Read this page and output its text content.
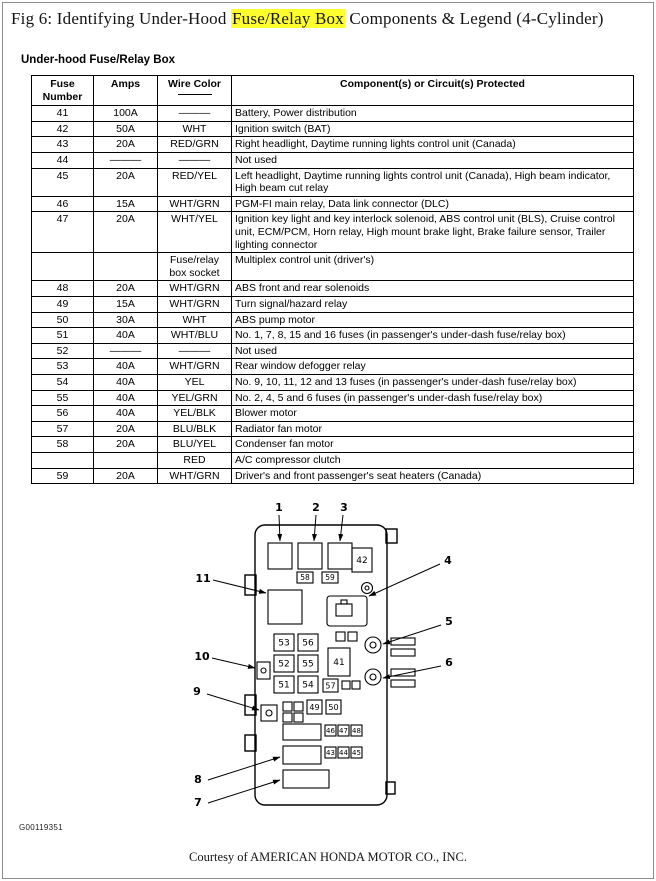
Fig 6: Identifying Under-Hood Fuse/Relay Box Components & Legend (4-Cylinder)
Under-hood Fuse/Relay Box
Fuse Number	Amps	Wire Color	Component(s) or Circuit(s) Protected
41	100A	———	Battery, Power distribution
42	50A	WHT	Ignition switch (BAT)
43	20A	RED/GRN	Right headlight, Daytime running lights control unit (Canada)
44	———	———	Not used
45	20A	RED/YEL	Left headlight, Daytime running lights control unit (Canada), High beam indicator, High beam cut relay
46	15A	WHT/GRN	PGM-FI main relay, Data link connector (DLC)
47	20A	WHT/YEL	Ignition key light and key interlock solenoid, ABS control unit (BLS), Cruise control unit, ECM/PCM, Horn relay, High mount brake light, Brake failure sensor, Trailer lighting connector
		Fuse/relay box socket	Multiplex control unit (driver's)
48	20A	WHT/GRN	ABS front and rear solenoids
49	15A	WHT/GRN	Turn signal/hazard relay
50	30A	WHT	ABS pump motor
51	40A	WHT/BLU	No. 1, 7, 8, 15 and 16 fuses (in passenger's under-dash fuse/relay box)
52	———	———	Not used
53	40A	WHT/GRN	Rear window defogger relay
54	40A	YEL	No. 9, 10, 11, 12 and 13 fuses (in passenger's under-dash fuse/relay box)
55	40A	YEL/GRN	No. 2, 4, 5 and 6 fuses (in passenger's under-dash fuse/relay box)
56	40A	YEL/BLK	Blower motor
57	20A	BLU/BLK	Radiator fan motor
58	20A	BLU/YEL	Condenser fan motor
		RED	A/C compressor clutch
59	20A	WHT/GRN	Driver's and front passenger's seat heaters (Canada)
58 59
42
53 56
52 55 41
51 54 57
49 50
46 47 48
43 44 45
1	2 3
4
5
6
11
10
9
8
7
G00119351
Courtesy of AMERICAN HONDA MOTOR CO., INC.
